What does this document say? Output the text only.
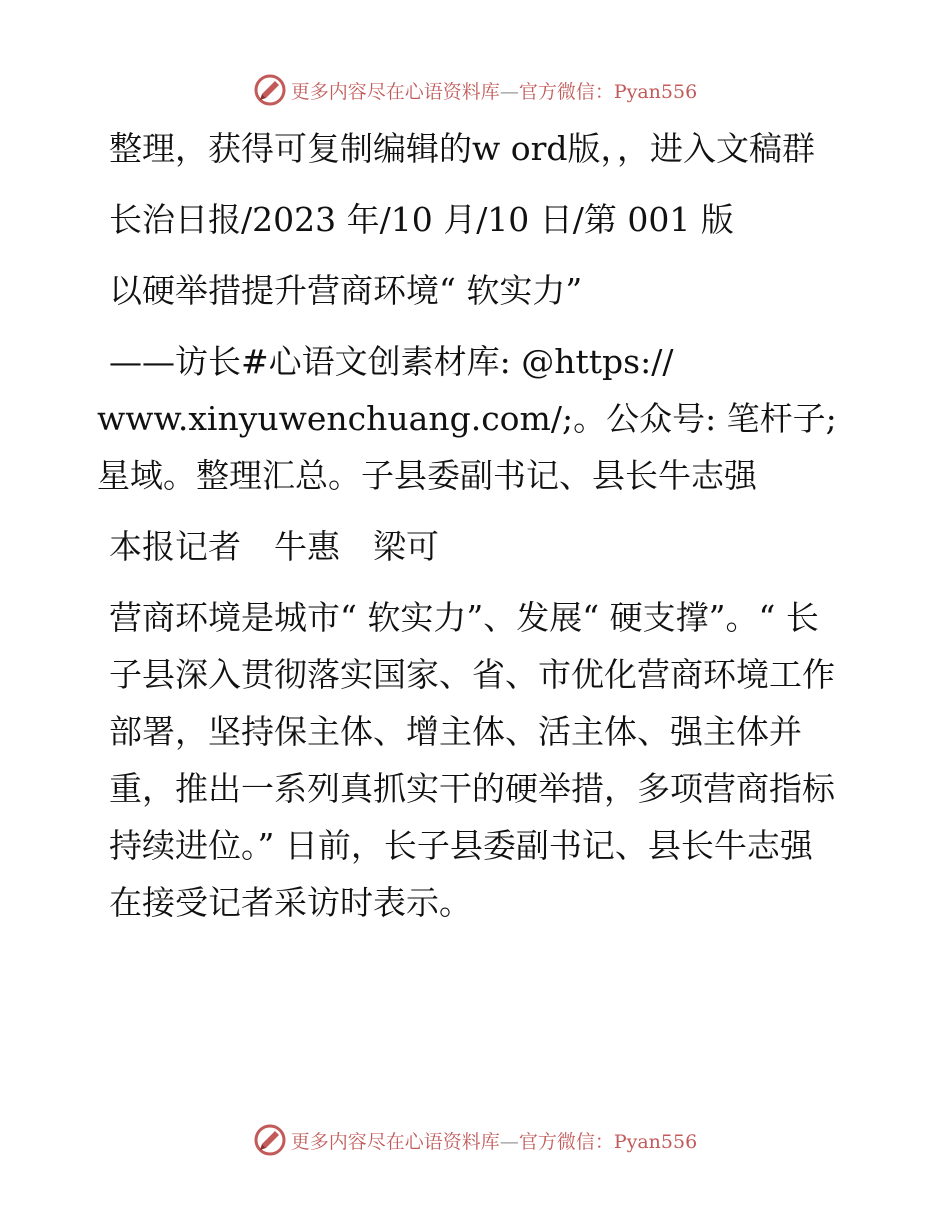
更多内容尽在心语资料库—官方微信：Pyan556

整理，获得可复制编辑的w ord版，，进入文稿群

长治日报/2023 年/10 月/10 日/第 001 版

以硬举措提升营商环境“ 软实力”

——访长#心语文创素材库: @https://

www.xinyuwenchuang.com/;。公众号: 笔杆子;星域。整理汇总。子县委副书记、县长牛志强

本报记者　牛惠　梁可

营商环境是城市“ 软实力”、发展“ 硬支撑”。“ 长子县深入贯彻落实国家、省、市优化营商环境工作部署，坚持保主体、增主体、活主体、强主体并重，推出一系列真抓实干的硬举措，多项营商指标持续进位。” 日前，长子县委副书记、县长牛志强在接受记者采访时表示。

更多内容尽在心语资料库—官方微信：Pyan556
